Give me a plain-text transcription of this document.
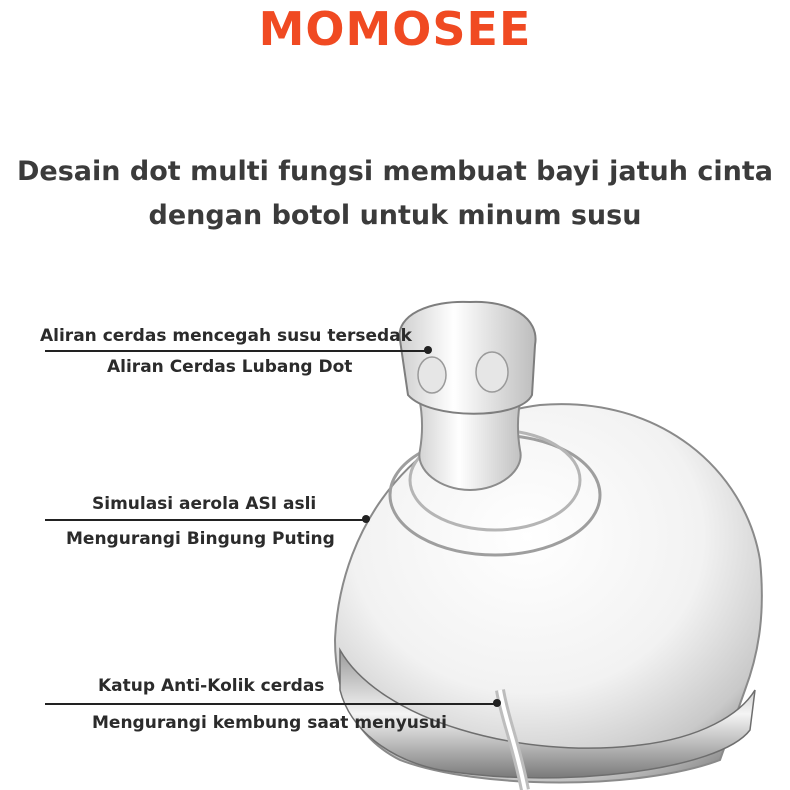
MOMOSEE
Desain dot multi fungsi membuat bayi jatuh cinta
dengan botol untuk minum susu
Aliran cerdas mencegah susu tersedak
Aliran Cerdas Lubang Dot
Simulasi aerola ASI asli
Mengurangi Bingung Puting
Katup Anti-Kolik cerdas
Mengurangi kembung saat menyusui
